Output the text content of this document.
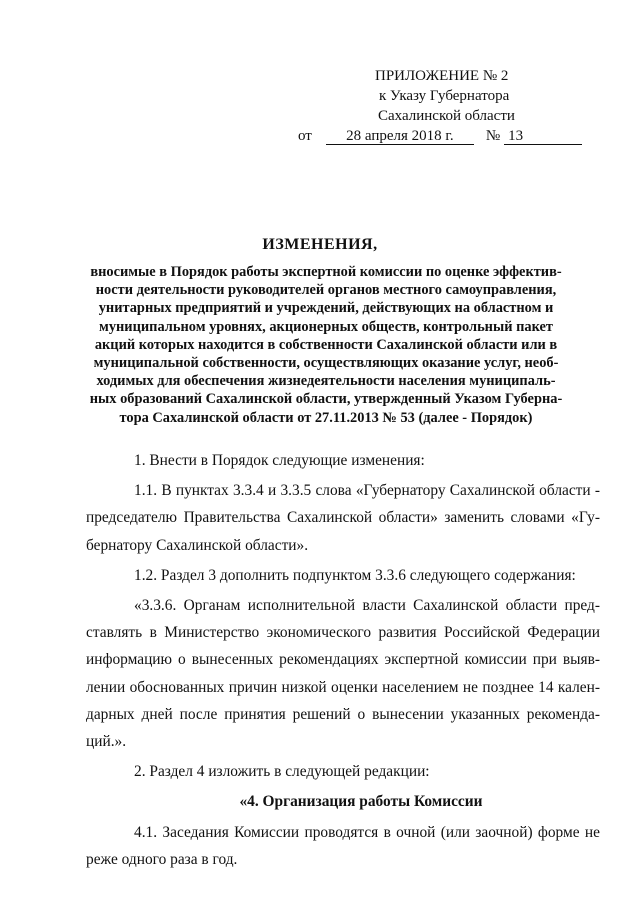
ПРИЛОЖЕНИЕ № 2
к Указу Губернатора
Сахалинской области
от 28 апреля 2018 г. № 13
ИЗМЕНЕНИЯ,
вносимые в Порядок работы экспертной комиссии по оценке эффектив-
ности деятельности руководителей органов местного самоуправления,
унитарных предприятий и учреждений, действующих на областном и
муниципальном уровнях, акционерных обществ, контрольный пакет
акций которых находится в собственности Сахалинской области или в
муниципальной собственности, осуществляющих оказание услуг, необ-
ходимых для обеспечения жизнедеятельности населения муниципаль-
ных образований Сахалинской области, утвержденный Указом Губерна-
тора Сахалинской области от 27.11.2013 № 53 (далее - Порядок)

1. Внести в Порядок следующие изменения:

1.1. В пунктах 3.3.4 и 3.3.5 слова «Губернатору Сахалинской области -

председателю Правительства Сахалинской области» заменить словами «Гу-

бернатору Сахалинской области».

1.2. Раздел 3 дополнить подпунктом 3.3.6 следующего содержания:

«3.3.6. Органам исполнительной власти Сахалинской области пред-

ставлять в Министерство экономического развития Российской Федерации

информацию о вынесенных рекомендациях экспертной комиссии при выяв-

лении обоснованных причин низкой оценки населением не позднее 14 кален-

дарных дней после принятия решений о вынесении указанных рекоменда-

ций.».

2. Раздел 4 изложить в следующей редакции:

«4. Организация работы Комиссии

4.1. Заседания Комиссии проводятся в очной (или заочной) форме не

реже одного раза в год.
